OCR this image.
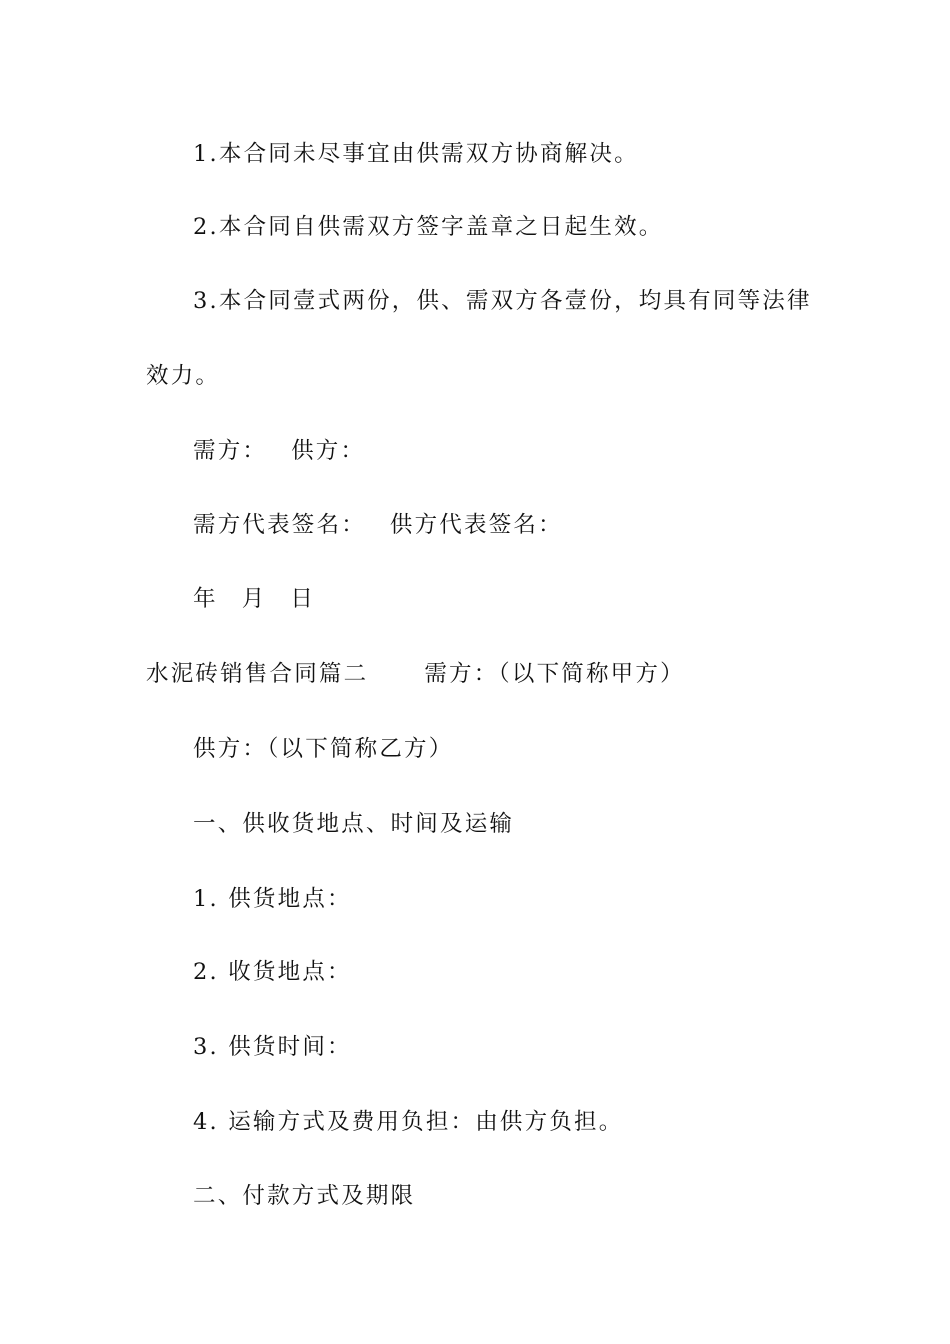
1.本合同未尽事宜由供需双方协商解决。
2.本合同自供需双方签字盖章之日起生效。
3.本合同壹式两份，供、需双方各壹份，均具有同等法律
效力。
需方： 供方：
需方代表签名： 供方代表签名：
年 月 日
水泥砖销售合同篇二 需方：（以下简称甲方）
供方：（以下简称乙方）
一、供收货地点、时间及运输
1. 供货地点：
2. 收货地点：
3. 供货时间：
4. 运输方式及费用负担：由供方负担。
二、付款方式及期限
